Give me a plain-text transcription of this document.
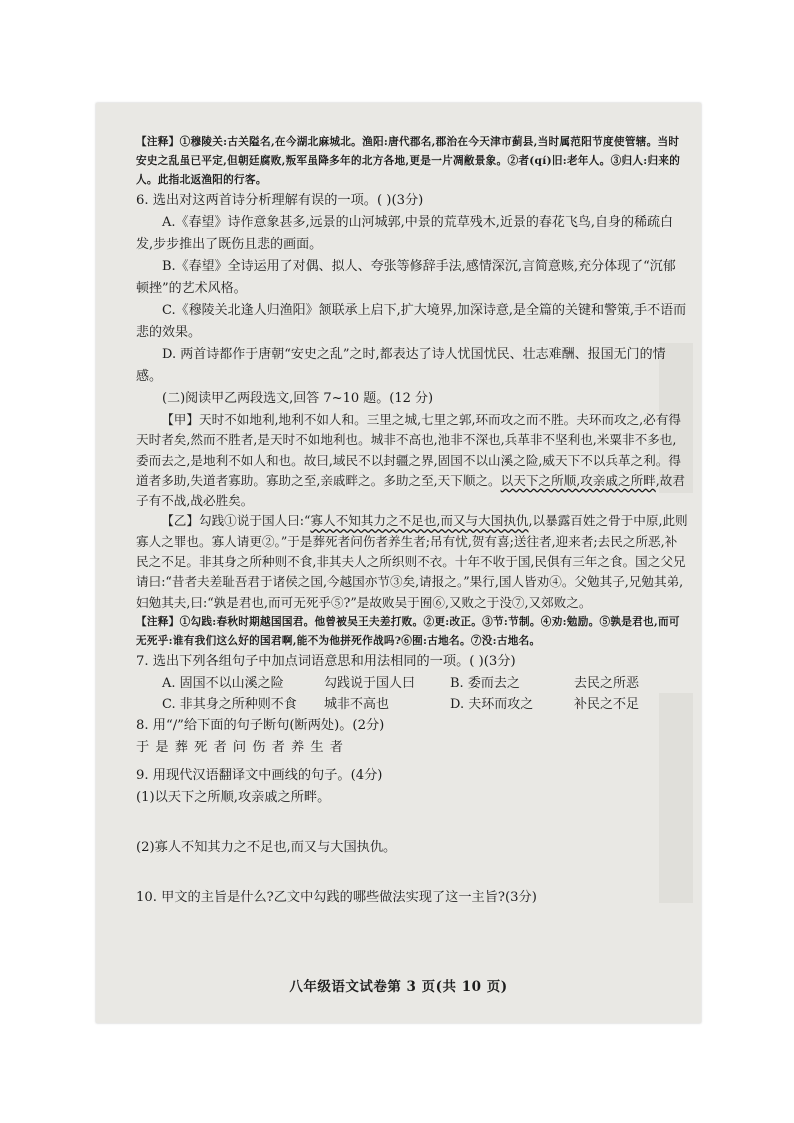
【注释】①穆陵关:古关隘名,在今湖北麻城北。渔阳:唐代郡名,郡治在今天津市蓟县,当时属范阳节度使管辖。当时安史之乱虽已平定,但朝廷腐败,叛军虽降多年的北方各地,更是一片凋敝景象。②者(qí)旧:老年人。③归人:归来的人。此指北返渔阳的行客。
6. 选出对这两首诗分析理解有误的一项。( )(3分)
A.《春望》诗作意象甚多,远景的山河城郭,中景的荒草残木,近景的春花飞鸟,自身的稀疏白发,步步推出了既伤且悲的画面。
B.《春望》全诗运用了对偶、拟人、夸张等修辞手法,感情深沉,言简意赅,充分体现了“沉郁顿挫”的艺术风格。
C.《穆陵关北逢人归渔阳》颔联承上启下,扩大境界,加深诗意,是全篇的关键和警策,手不语而悲的效果。
D. 两首诗都作于唐朝“安史之乱”之时,都表达了诗人忧国忧民、壮志难酬、报国无门的情感。
(二)阅读甲乙两段选文,回答 7~10 题。(12 分)
【甲】天时不如地利,地利不如人和。三里之城,七里之郭,环而攻之而不胜。夫环而攻之,必有得天时者矣,然而不胜者,是天时不如地利也。城非不高也,池非不深也,兵革非不坚利也,米粟非不多也,委而去之,是地利不如人和也。故曰,域民不以封疆之界,固国不以山溪之险,威天下不以兵革之利。得道者多助,失道者寡助。寡助之至,亲戚畔之。多助之至,天下顺之。以天下之所顺,攻亲戚之所畔,故君子有不战,战必胜矣。
【乙】勾践①说于国人曰:“寡人不知其力之不足也,而又与大国执仇,以暴露百姓之骨于中原,此则寡人之罪也。寡人请更②。”于是葬死者问伤者养生者;吊有忧,贺有喜;送往者,迎来者;去民之所恶,补民之不足。非其身之所种则不食,非其夫人之所织则不衣。十年不收于国,民俱有三年之食。国之父兄请曰:“昔者夫差耻吾君于诸侯之国,今越国亦节③矣,请报之。”果行,国人皆劝④。父勉其子,兄勉其弟,妇勉其夫,曰:“孰是君也,而可无死乎⑤?”是故败吴于囿⑥,又败之于没⑦,又郊败之。
【注释】①勾践:春秋时期越国国君。他曾被吴王夫差打败。②更:改正。③节:节制。④劝:勉励。⑤孰是君也,而可无死乎:谁有我们这么好的国君啊,能不为他拼死作战吗?⑥囿:古地名。⑦没:古地名。
7. 选出下列各组句子中加点词语意思和用法相同的一项。( )(3分)
A. 固国不以山溪之险	勾践说于国人曰	B. 委而去之	去民之所恶
C. 非其身之所种则不食	城非不高也	D. 夫环而攻之	补民之不足
8. 用“/”给下面的句子断句(断两处)。(2分)
于 是 葬 死 者 问 伤 者 养 生 者
9. 用现代汉语翻译文中画线的句子。(4分)
(1)以天下之所顺,攻亲戚之所畔。
(2)寡人不知其力之不足也,而又与大国执仇。
10. 甲文的主旨是什么?乙文中勾践的哪些做法实现了这一主旨?(3分)
八年级语文试卷第 3 页(共 10 页)
